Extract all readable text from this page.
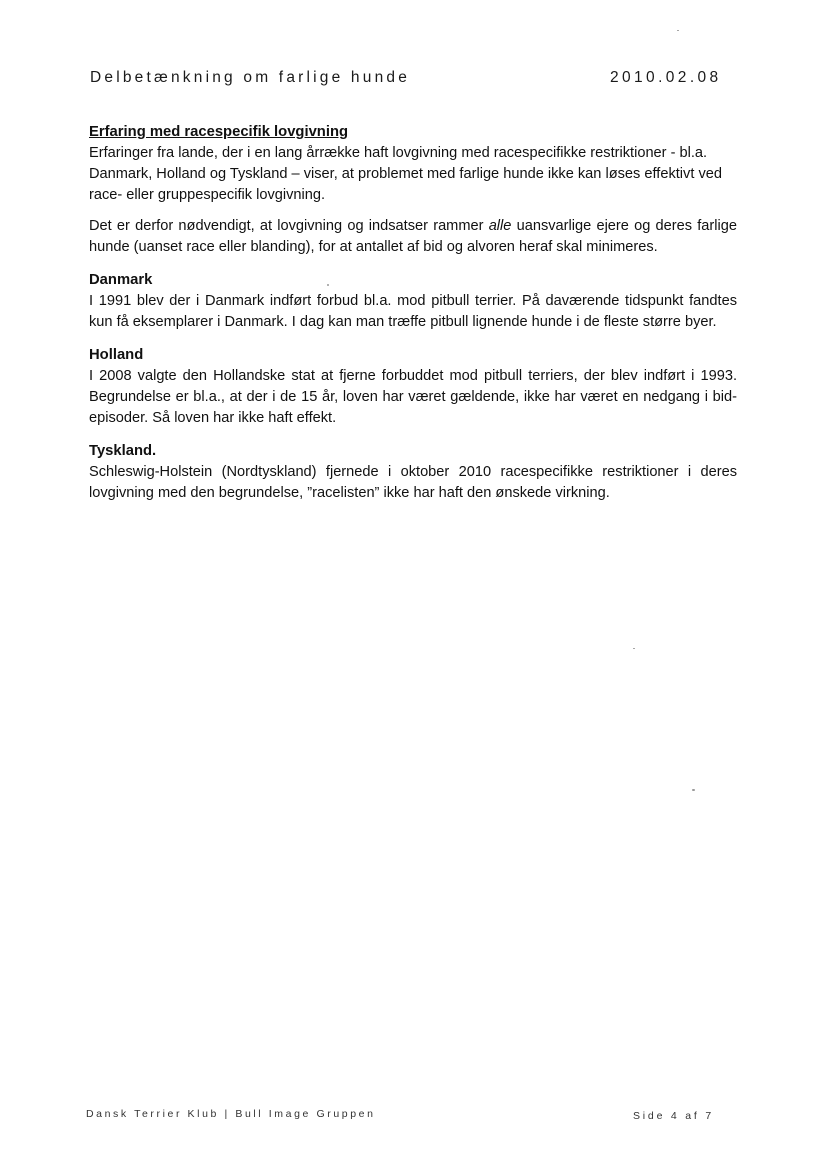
Delbetænkning om farlige hunde	2010.02.08
Erfaring med racespecifik lovgivning

Erfaringer fra lande, der i en lang årrække haft lovgivning med racespecifikke restriktioner - bl.a. Danmark, Holland og Tyskland – viser, at problemet med farlige hunde ikke kan løses effektivt ved race- eller gruppespecifik lovgivning.

Det er derfor nødvendigt, at lovgivning og indsatser rammer alle uansvarlige ejere og deres farlige hunde (uanset race eller blanding), for at antallet af bid og alvoren heraf skal minimeres.

Danmark

I 1991 blev der i Danmark indført forbud bl.a. mod pitbull terrier. På daværende tidspunkt fandtes kun få eksemplarer i Danmark. I dag kan man træffe pitbull lignende hunde i de fleste større byer.

Holland

I 2008 valgte den Hollandske stat at fjerne forbuddet mod pitbull terriers, der blev indført i 1993. Begrundelse er bl.a., at der i de 15 år, loven har været gældende, ikke har været en nedgang i bid-episoder. Så loven har ikke haft effekt.

Tyskland.

Schleswig-Holstein (Nordtyskland) fjernede i oktober 2010 racespecifikke restriktioner i deres lovgivning med den begrundelse, ”racelisten” ikke har haft den ønskede virkning.

Dansk Terrier Klub | Bull Image Gruppen	Side 4 af 7
